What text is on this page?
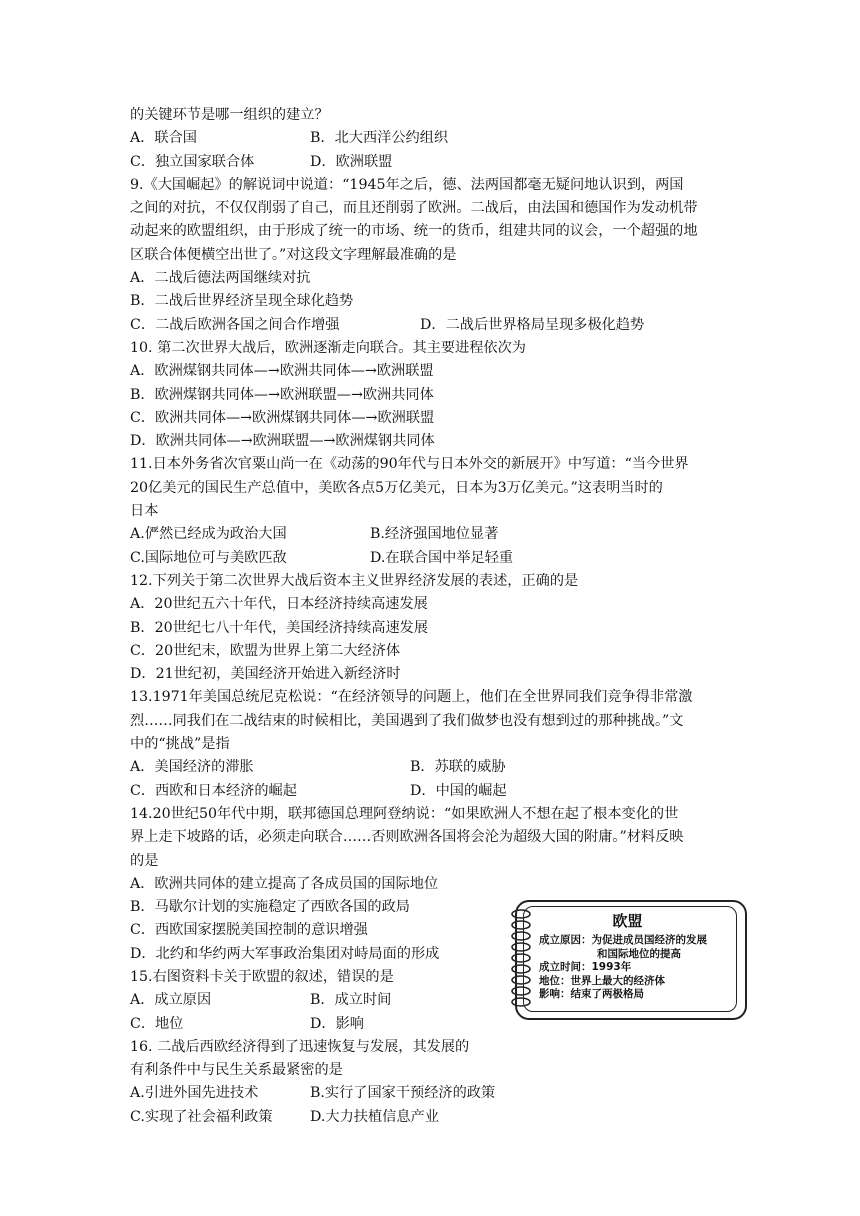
的关键环节是哪一组织的建立？
A．联合国	B．北大西洋公约组织
C．独立国家联合体	D．欧洲联盟
9.《大国崛起》的解说词中说道：“1945年之后，德、法两国都毫无疑问地认识到，两国
之间的对抗，不仅仅削弱了自己，而且还削弱了欧洲。二战后，由法国和德国作为发动机带
动起来的欧盟组织，由于形成了统一的市场、统一的货币，组建共同的议会，一个超强的地
区联合体便横空出世了。”对这段文字理解最准确的是
A．二战后德法两国继续对抗
B．二战后世界经济呈现全球化趋势
C．二战后欧洲各国之间合作增强	D．二战后世界格局呈现多极化趋势
10. 第二次世界大战后，欧洲逐渐走向联合。其主要进程依次为
A．欧洲煤钢共同体—→欧洲共同体—→欧洲联盟
B．欧洲煤钢共同体—→欧洲联盟—→欧洲共同体
C．欧洲共同体—→欧洲煤钢共同体—→欧洲联盟
D．欧洲共同体—→欧洲联盟—→欧洲煤钢共同体
11.日本外务省次官粟山尚一在《动荡的90年代与日本外交的新展开》中写道：“当今世界
20亿美元的国民生产总值中，美欧各点5万亿美元，日本为3万亿美元。”这表明当时的
日本
A.俨然已经成为政治大国	B.经济强国地位显著
C.国际地位可与美欧匹敌	D.在联合国中举足轻重
12.下列关于第二次世界大战后资本主义世界经济发展的表述，正确的是
A．20世纪五六十年代，日本经济持续高速发展
B．20世纪七八十年代，美国经济持续高速发展
C．20世纪末，欧盟为世界上第二大经济体
D．21世纪初，美国经济开始进入新经济时
13.1971年美国总统尼克松说：“在经济领导的问题上，他们在全世界同我们竞争得非常激
烈……同我们在二战结束的时候相比，美国遇到了我们做梦也没有想到过的那种挑战。”文
中的“挑战”是指
A．美国经济的滞胀	B．苏联的威胁
C．西欧和日本经济的崛起	D．中国的崛起
14.20世纪50年代中期，联邦德国总理阿登纳说：“如果欧洲人不想在起了根本变化的世
界上走下坡路的话，必须走向联合……否则欧洲各国将会沦为超级大国的附庸。”材料反映
的是
A．欧洲共同体的建立提高了各成员国的国际地位
B．马歇尔计划的实施稳定了西欧各国的政局
C．西欧国家摆脱美国控制的意识增强
D．北约和华约两大军事政治集团对峙局面的形成
15.右图资料卡关于欧盟的叙述，错误的是
A．成立原因	B．成立时间
C．地位	D．影响
16. 二战后西欧经济得到了迅速恢复与发展，其发展的
有利条件中与民生关系最紧密的是
A.引进外国先进技术	B.实行了国家干预经济的政策
C.实现了社会福利政策	D.大力扶植信息产业
欧盟
成立原因：为促进成员国经济的发展
和国际地位的提高
成立时间：1993年
地位：世界上最大的经济体
影响：结束了两极格局
